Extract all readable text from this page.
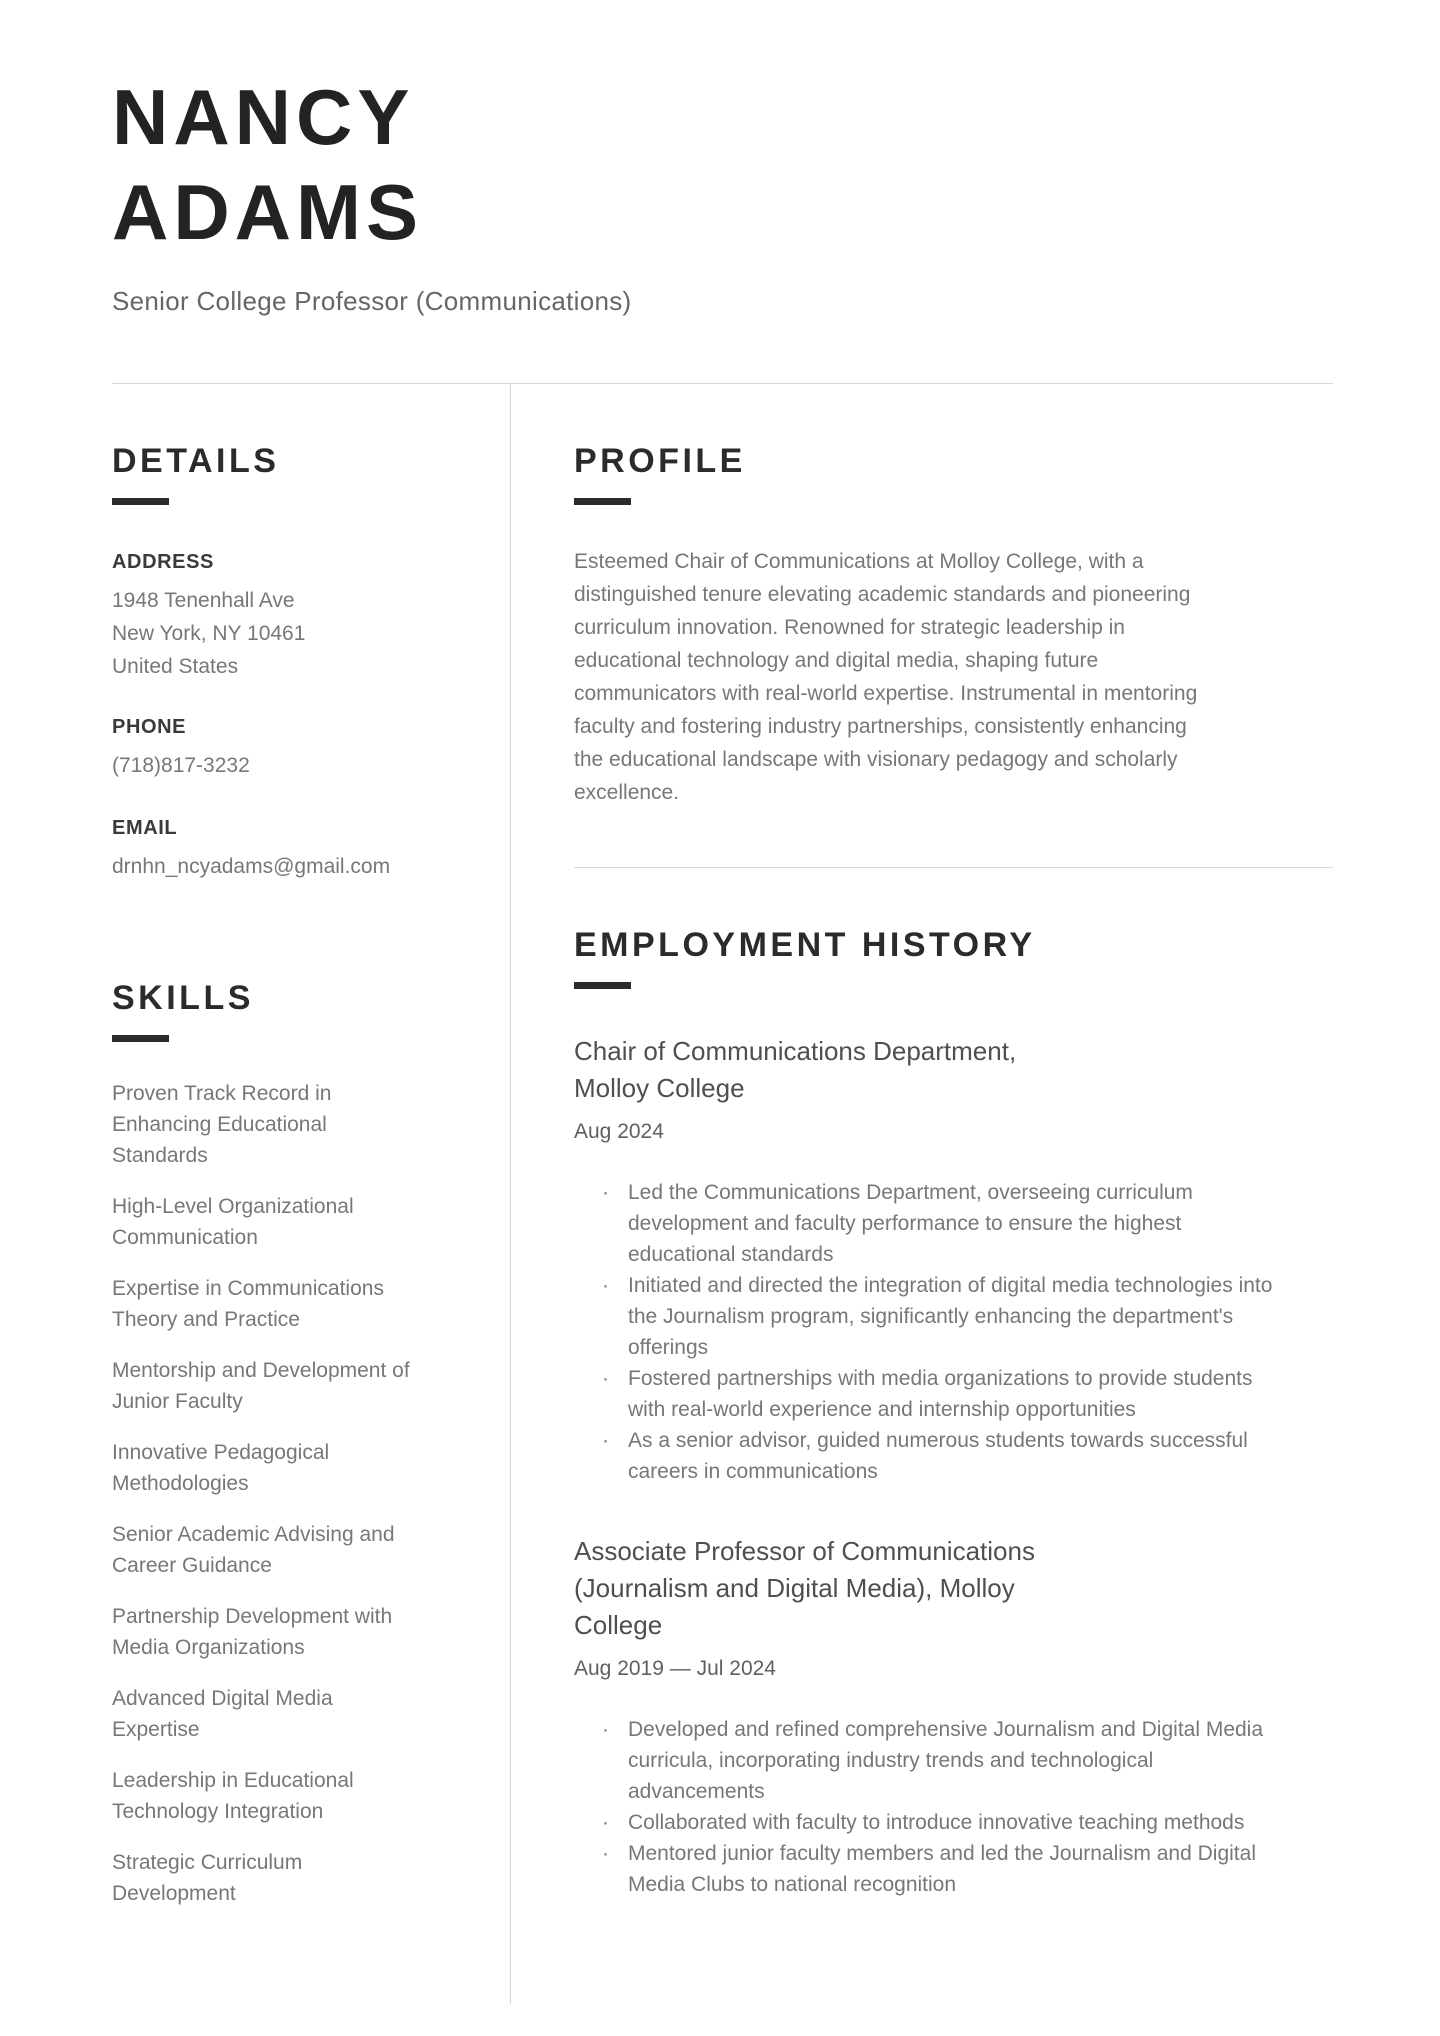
NANCY
ADAMS
Senior College Professor (Communications)
DETAILS
ADDRESS
1948 Tenenhall Ave
New York, NY 10461
United States
PHONE
(718)817-3232
EMAIL
drnhn_ncyadams@gmail.com
SKILLS
Proven Track Record in Enhancing Educational Standards
High-Level Organizational Communication
Expertise in Communications Theory and Practice
Mentorship and Development of Junior Faculty
Innovative Pedagogical Methodologies
Senior Academic Advising and Career Guidance
Partnership Development with Media Organizations
Advanced Digital Media Expertise
Leadership in Educational Technology Integration
Strategic Curriculum Development
PROFILE

Esteemed Chair of Communications at Molloy College, with a distinguished tenure elevating academic standards and pioneering curriculum innovation. Renowned for strategic leadership in educational technology and digital media, shaping future communicators with real-world expertise. Instrumental in mentoring faculty and fostering industry partnerships, consistently enhancing the educational landscape with visionary pedagogy and scholarly excellence.

EMPLOYMENT HISTORY
Chair of Communications Department, Molloy College
Aug 2024
· Led the Communications Department, overseeing curriculum development and faculty performance to ensure the highest educational standards
· Initiated and directed the integration of digital media technologies into the Journalism program, significantly enhancing the department's offerings
· Fostered partnerships with media organizations to provide students with real-world experience and internship opportunities
· As a senior advisor, guided numerous students towards successful careers in communications
Associate Professor of Communications (Journalism and Digital Media), Molloy College
Aug 2019 — Jul 2024
· Developed and refined comprehensive Journalism and Digital Media curricula, incorporating industry trends and technological advancements
· Collaborated with faculty to introduce innovative teaching methods
· Mentored junior faculty members and led the Journalism and Digital Media Clubs to national recognition
